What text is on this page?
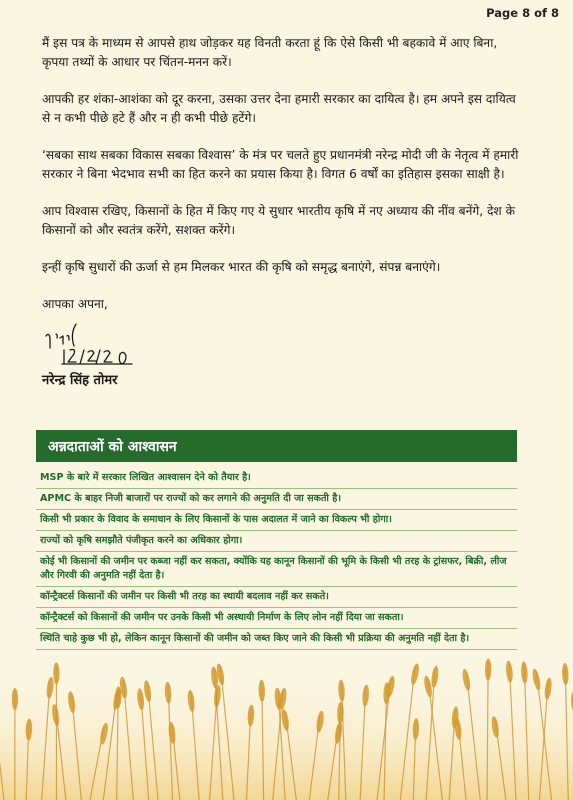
Page 8 of 8

मैं इस पत्र के माध्यम से आपसे हाथ जोड़कर यह विनती करता हूं कि ऐसे किसी भी बहकावे में आए बिना, कृपया तथ्यों के आधार पर चिंतन-मनन करें।

आपकी हर शंका-आशंका को दूर करना, उसका उत्तर देना हमारी सरकार का दायित्व है। हम अपने इस दायित्व से न कभी पीछे हटे हैं और न ही कभी पीछे हटेंगे।

‘सबका साथ सबका विकास सबका विश्वास’ के मंत्र पर चलते हुए प्रधानमंत्री नरेन्द्र मोदी जी के नेतृत्व में हमारी सरकार ने बिना भेदभाव सभी का हित करने का प्रयास किया है। विगत 6 वर्षों का इतिहास इसका साक्षी है।

आप विश्वास रखिए, किसानों के हित में किए गए ये सुधार भारतीय कृषि में नए अध्याय की नींव बनेंगे, देश के किसानों को और स्वतंत्र करेंगे, सशक्त करेंगे।

इन्हीं कृषि सुधारों की ऊर्जा से हम मिलकर भारत की कृषि को समृद्ध बनाएंगे, संपन्न बनाएंगे।

आपका अपना,

नरेन्द्र सिंह तोमर
अन्नदाताओं को आश्वासन
MSP के बारे में सरकार लिखित आश्वासन देने को तैयार है।
APMC के बाहर निजी बाजारों पर राज्यों को कर लगाने की अनुमति दी जा सकती है।
किसी भी प्रकार के विवाद के समाधान के लिए किसानों के पास अदालत में जाने का विकल्प भी होगा।
राज्यों को कृषि समझौते पंजीकृत करने का अधिकार होगा।
कोई भी किसानों की जमीन पर कब्जा नहीं कर सकता, क्योंकि यह कानून किसानों की भूमि के किसी भी तरह के ट्रांसफर, बिक्री, लीज और गिरवी की अनुमति नहीं देता है।
कॉन्ट्रैक्टर्स किसानों की जमीन पर किसी भी तरह का स्थायी बदलाव नहीं कर सकते।
कॉन्ट्रैक्टर्स को किसानों की जमीन पर उनके किसी भी अस्थायी निर्माण के लिए लोन नहीं दिया जा सकता।
स्थिति चाहे कुछ भी हो, लेकिन कानून किसानों की जमीन को जब्त किए जाने की किसी भी प्रक्रिया की अनुमति नहीं देता है।
